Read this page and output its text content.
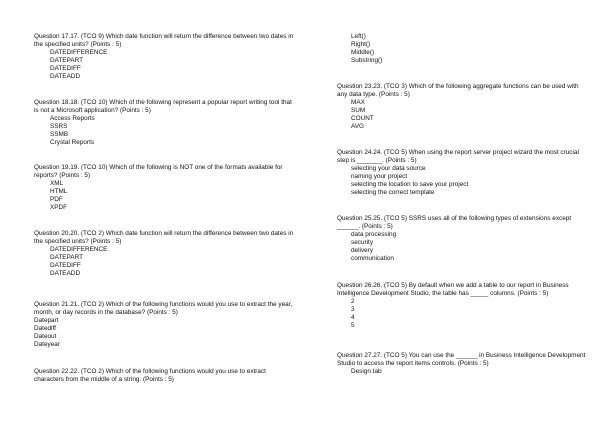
Question 17.17. (TCO 9) Which date function will return the difference between two dates in the specified units? (Points : 5)

DATEDIFFERENCE
DATEPART
DATEDIFF
DATEADD

Question 18.18. (TCO 10) Which of the following represent a popular report writing tool that is not a Microsoft application? (Points : 5)

Access Reports
SSRS
SSMB
Crystal Reports

Question 19.19. (TCO 10) Which of the following is NOT one of the formats available for reports? (Points : 5)

XML
HTML
PDF
XPDF

Question 20.20. (TCO 2) Which date function will return the difference between two dates in the specified units? (Points : 5)

DATEDIFFERENCE
DATEPART
DATEDIFF
DATEADD

Question 21.21. (TCO 2) Which of the following functions would you use to extract the year, month, or day records in the database? (Points : 5)

Datepart
Datediff
Dateout
Dateyear

Question 22.22. (TCO 2) Which of the following functions would you use to extract characters from the middle of a string. (Points : 5)

Left()
Right()
Middle()
Substring()

Question 23.23. (TCO 3) Which of the following aggregate functions can be used with any data type. (Points : 5)

MAX
SUM
COUNT
AVG

Question 24.24. (TCO 5) When using the report server project wizard the most crucial step is _______. (Points : 5)

selecting your data source
naming your project
selecting the location to save your project
selecting the correct template

Question 25.25. (TCO 5) SSRS uses all of the following types of extensions except ______. (Points : 5)

data processing
security
delivery
communication

Question 26.26. (TCO 5) By default when we add a table to our report in Business Intelligence Development Studio, the table has _____ columns. (Points : 5)

2
3
4
5

Question 27.27. (TCO 5) You can use the ______ in Business Intelligence Development Studio to access the report items controls. (Points : 5)

Design tab
